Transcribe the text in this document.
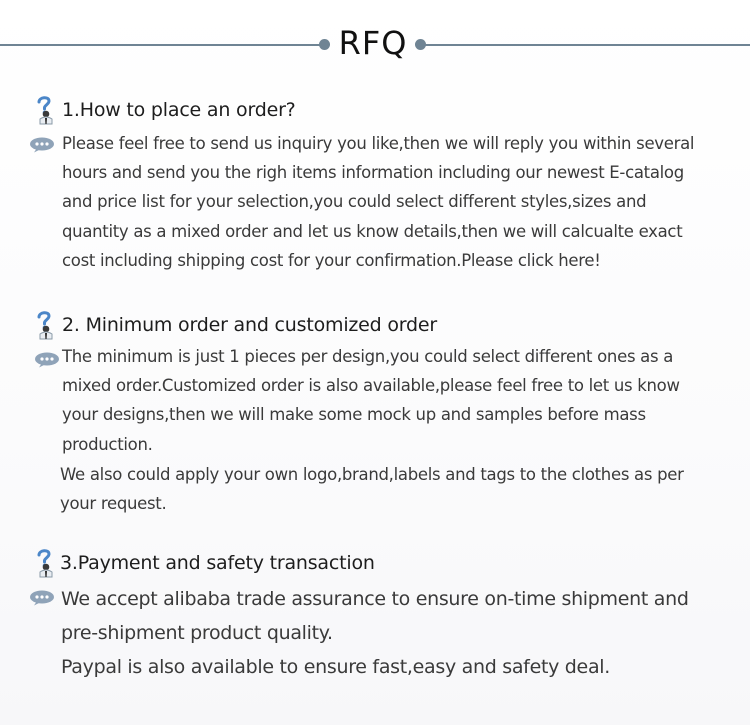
RFQ
1.How to place an order?
Please feel free to send us inquiry you like,then we will reply you within several hours and send you the righ items information including our newest E-catalog and price list for your selection,you could select different styles,sizes and quantity as a mixed order and let us know details,then we will calcualte exact cost including shipping cost for your confirmation.Please click here!
2. Minimum order and customized order
The minimum is just 1 pieces per design,you could select different ones as a mixed order.Customized order is also available,please feel free to let us know your designs,then we will make some mock up and samples before mass production.
We also could apply your own logo,brand,labels and tags to the clothes as per your request.
3.Payment and safety transaction
We accept alibaba trade assurance to ensure on-time shipment and pre-shipment product quality.
Paypal is also available to ensure fast,easy and safety deal.
